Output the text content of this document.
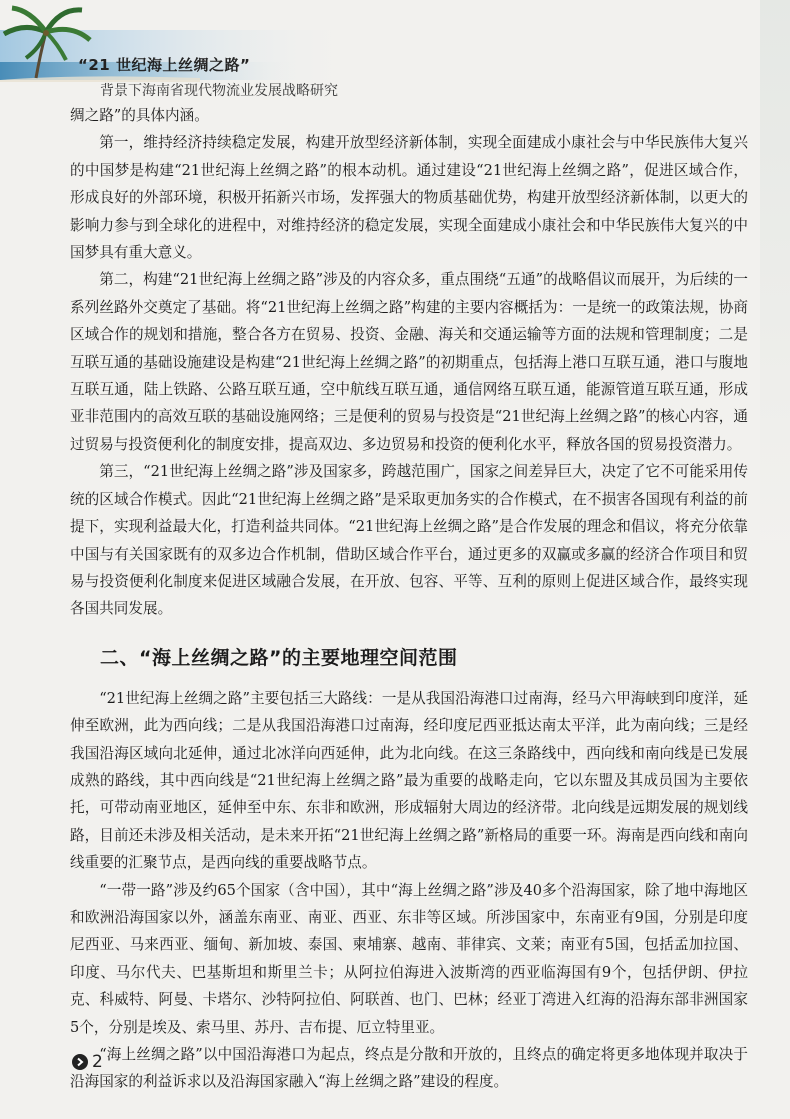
“21 世纪海上丝绸之路”
背景下海南省现代物流业发展战略研究

绸之路”的具体内涵。

第一，维持经济持续稳定发展，构建开放型经济新体制，实现全面建成小康社会与中华民族伟大复兴的中国梦是构建“21世纪海上丝绸之路”的根本动机。通过建设“21世纪海上丝绸之路”，促进区域合作，形成良好的外部环境，积极开拓新兴市场，发挥强大的物质基础优势，构建开放型经济新体制，以更大的影响力参与到全球化的进程中，对维持经济的稳定发展，实现全面建成小康社会和中华民族伟大复兴的中国梦具有重大意义。

第二，构建“21世纪海上丝绸之路”涉及的内容众多，重点围绕“五通”的战略倡议而展开，为后续的一系列丝路外交奠定了基础。将“21世纪海上丝绸之路”构建的主要内容概括为：一是统一的政策法规，协商区域合作的规划和措施，整合各方在贸易、投资、金融、海关和交通运输等方面的法规和管理制度；二是互联互通的基础设施建设是构建“21世纪海上丝绸之路”的初期重点，包括海上港口互联互通，港口与腹地互联互通，陆上铁路、公路互联互通，空中航线互联互通，通信网络互联互通，能源管道互联互通，形成亚非范围内的高效互联的基础设施网络；三是便利的贸易与投资是“21世纪海上丝绸之路”的核心内容，通过贸易与投资便利化的制度安排，提高双边、多边贸易和投资的便利化水平，释放各国的贸易投资潜力。

第三，“21世纪海上丝绸之路”涉及国家多，跨越范围广，国家之间差异巨大，决定了它不可能采用传统的区域合作模式。因此“21世纪海上丝绸之路”是采取更加务实的合作模式，在不损害各国现有利益的前提下，实现利益最大化，打造利益共同体。“21世纪海上丝绸之路”是合作发展的理念和倡议，将充分依靠中国与有关国家既有的双多边合作机制，借助区域合作平台，通过更多的双赢或多赢的经济合作项目和贸易与投资便利化制度来促进区域融合发展，在开放、包容、平等、互利的原则上促进区域合作，最终实现各国共同发展。

二、“海上丝绸之路”的主要地理空间范围

“21世纪海上丝绸之路”主要包括三大路线：一是从我国沿海港口过南海，经马六甲海峡到印度洋，延伸至欧洲，此为西向线；二是从我国沿海港口过南海，经印度尼西亚抵达南太平洋，此为南向线；三是经我国沿海区域向北延伸，通过北冰洋向西延伸，此为北向线。在这三条路线中，西向线和南向线是已发展成熟的路线，其中西向线是“21世纪海上丝绸之路”最为重要的战略走向，它以东盟及其成员国为主要依托，可带动南亚地区，延伸至中东、东非和欧洲，形成辐射大周边的经济带。北向线是远期发展的规划线路，目前还未涉及相关活动，是未来开拓“21世纪海上丝绸之路”新格局的重要一环。海南是西向线和南向线重要的汇聚节点，是西向线的重要战略节点。

“一带一路”涉及约65个国家（含中国），其中“海上丝绸之路”涉及40多个沿海国家，除了地中海地区和欧洲沿海国家以外，涵盖东南亚、南亚、西亚、东非等区域。所涉国家中，东南亚有9国，分别是印度尼西亚、马来西亚、缅甸、新加坡、泰国、柬埔寨、越南、菲律宾、文莱；南亚有5国，包括孟加拉国、印度、马尔代夫、巴基斯坦和斯里兰卡；从阿拉伯海进入波斯湾的西亚临海国有9个，包括伊朗、伊拉克、科威特、阿曼、卡塔尔、沙特阿拉伯、阿联酋、也门、巴林；经亚丁湾进入红海的沿海东部非洲国家5个，分别是埃及、索马里、苏丹、吉布提、厄立特里亚。

“海上丝绸之路”以中国沿海港口为起点，终点是分散和开放的，且终点的确定将更多地体现并取决于沿海国家的利益诉求以及沿海国家融入“海上丝绸之路”建设的程度。

2
